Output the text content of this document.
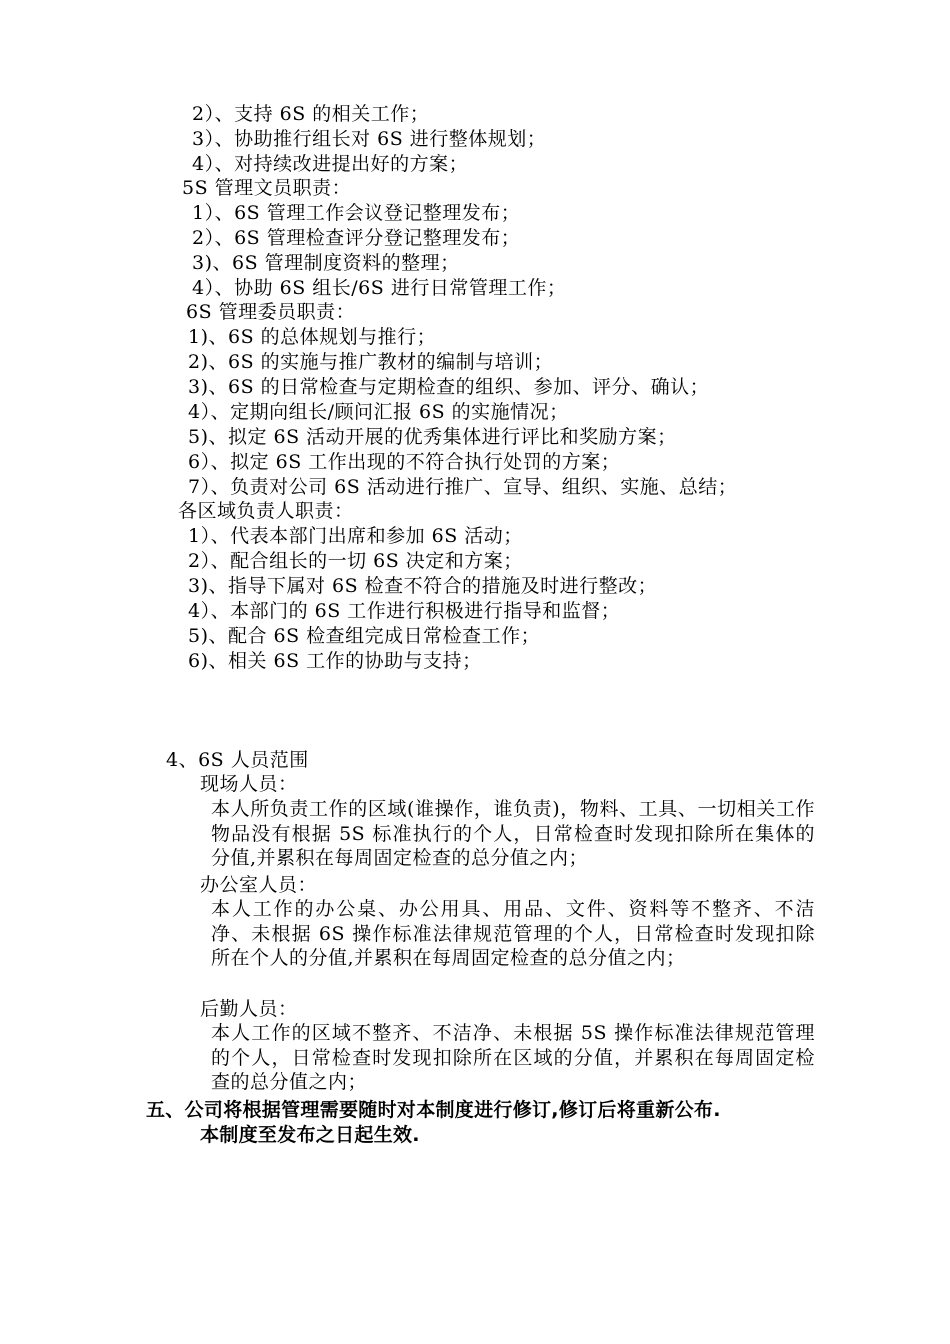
2）、支持 6S 的相关工作；
3）、协助推行组长对 6S 进行整体规划；
4）、对持续改进提出好的方案；
5S 管理文员职责：
1）、6S 管理工作会议登记整理发布；
2）、6S 管理检查评分登记整理发布；
3)、6S 管理制度资料的整理；
4）、协助 6S 组长/6S 进行日常管理工作；
6S 管理委员职责：
1)、6S 的总体规划与推行；
2)、6S 的实施与推广教材的编制与培训；
3)、6S 的日常检查与定期检查的组织、参加、评分、确认；
4）、定期向组长/顾问汇报 6S 的实施情况；
5)、拟定 6S 活动开展的优秀集体进行评比和奖励方案；
6）、拟定 6S 工作出现的不符合执行处罚的方案；
7）、负责对公司 6S 活动进行推广、宣导、组织、实施、总结；
各区域负责人职责：
1）、代表本部门出席和参加 6S 活动；
2）、配合组长的一切 6S 决定和方案；
3)、指导下属对 6S 检查不符合的措施及时进行整改；
4）、本部门的 6S 工作进行积极进行指导和监督；
5)、配合 6S 检查组完成日常检查工作；
6)、相关 6S 工作的协助与支持；
4、6S 人员范围
现场人员：
本人所负责工作的区域(谁操作，谁负责)，物料、工具、一切相关工作物品没有根据 5S 标准执行的个人，日常检查时发现扣除所在集体的分值,并累积在每周固定检查的总分值之内；
办公室人员：
本人工作的办公桌、办公用具、用品、文件、资料等不整齐、不洁净、未根据 6S 操作标准法律规范管理的个人，日常检查时发现扣除所在个人的分值,并累积在每周固定检查的总分值之内；
后勤人员：
本人工作的区域不整齐、不洁净、未根据 5S 操作标准法律规范管理的个人，日常检查时发现扣除所在区域的分值，并累积在每周固定检查的总分值之内；
五、公司将根据管理需要随时对本制度进行修订,修订后将重新公布.
本制度至发布之日起生效.
